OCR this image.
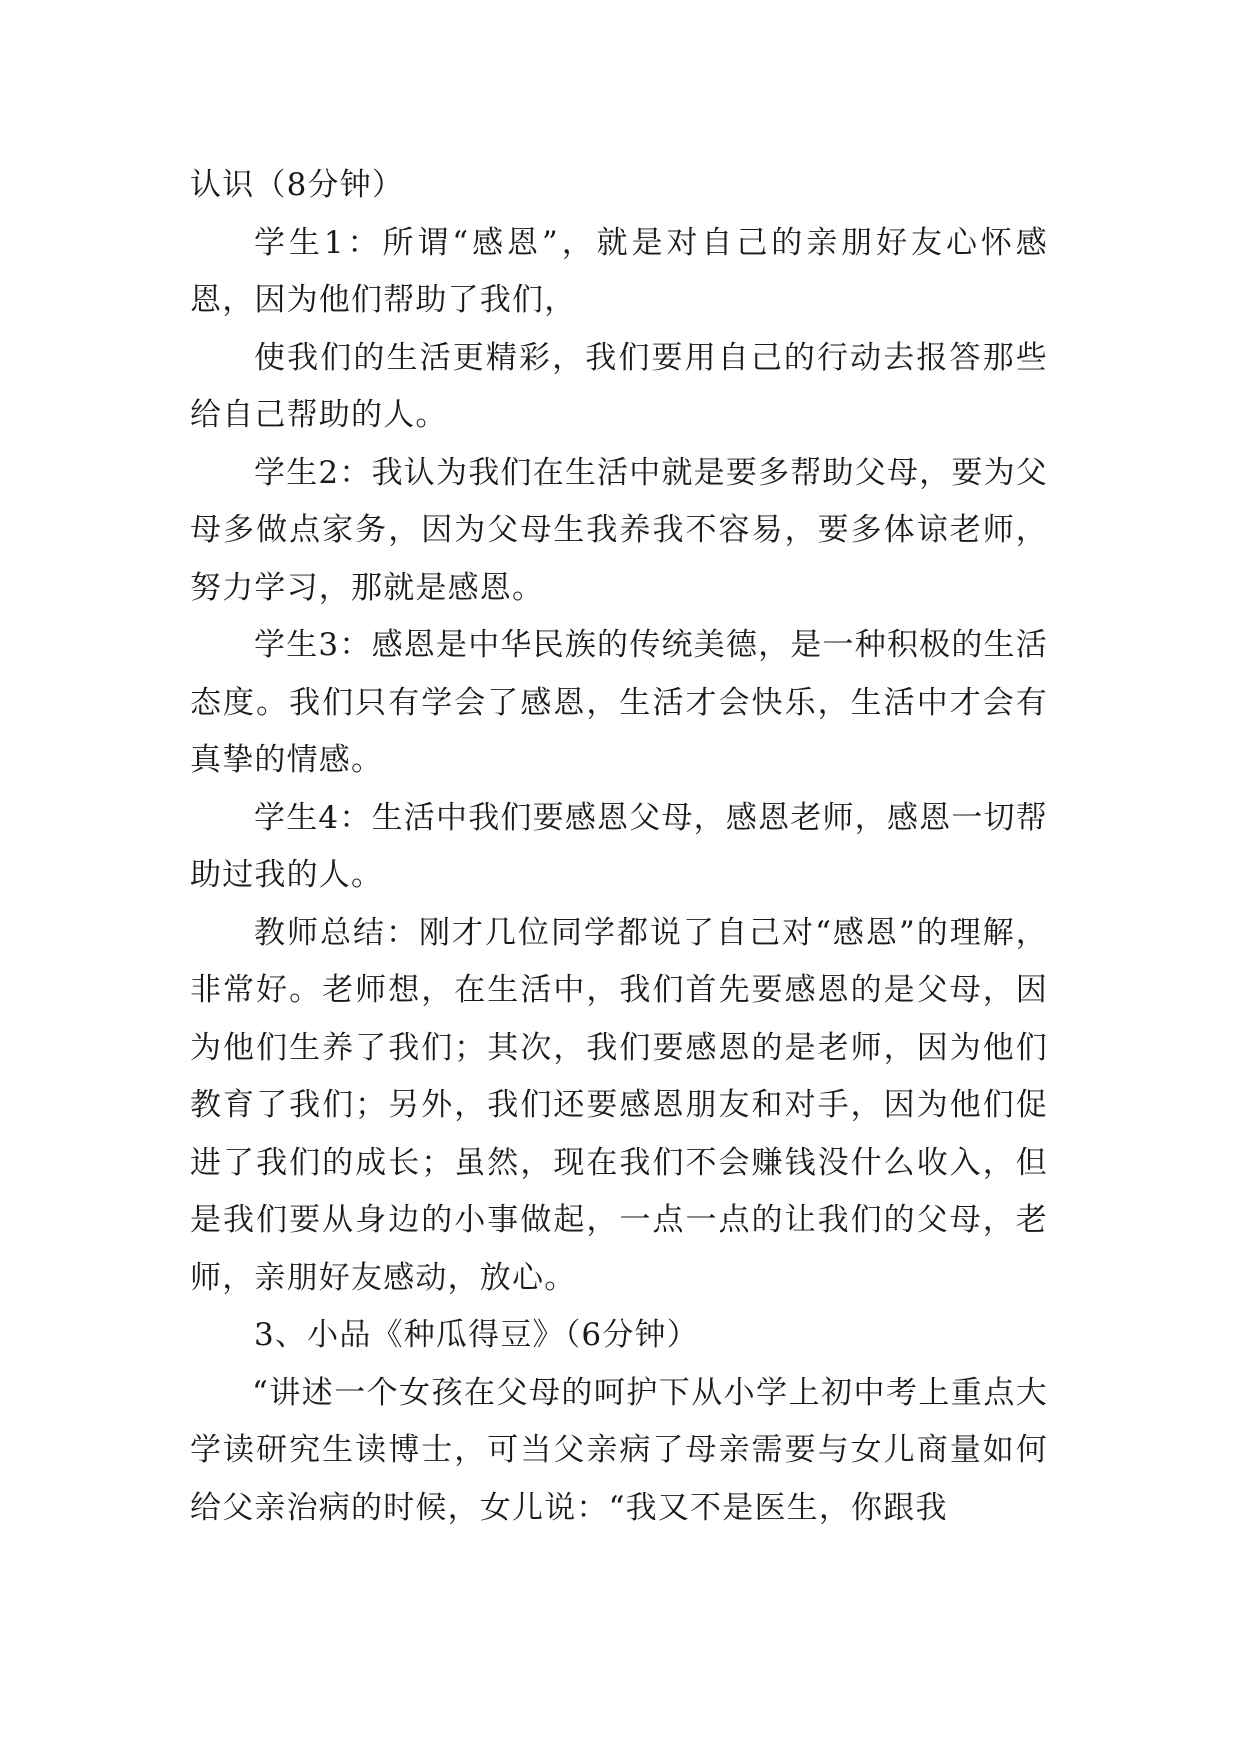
认识（8分钟）

学生1：所谓“感恩”，就是对自己的亲朋好友心怀感恩，因为他们帮助了我们，

使我们的生活更精彩，我们要用自己的行动去报答那些给自己帮助的人。

学生2：我认为我们在生活中就是要多帮助父母，要为父母多做点家务，因为父母生我养我不容易，要多体谅老师，努力学习，那就是感恩。

学生3：感恩是中华民族的传统美德，是一种积极的生活态度。我们只有学会了感恩，生活才会快乐，生活中才会有真挚的情感。

学生4：生活中我们要感恩父母，感恩老师，感恩一切帮助过我的人。

教师总结：刚才几位同学都说了自己对“感恩”的理解，非常好。老师想，在生活中，我们首先要感恩的是父母，因为他们生养了我们；其次，我们要感恩的是老师，因为他们教育了我们；另外，我们还要感恩朋友和对手，因为他们促进了我们的成长；虽然，现在我们不会赚钱没什么收入，但是我们要从身边的小事做起，一点一点的让我们的父母，老师，亲朋好友感动，放心。

3、小品《种瓜得豆》（6分钟）

“讲述一个女孩在父母的呵护下从小学上初中考上重点大学读研究生读博士，可当父亲病了母亲需要与女儿商量如何给父亲治病的时候，女儿说：“我又不是医生，你跟我
